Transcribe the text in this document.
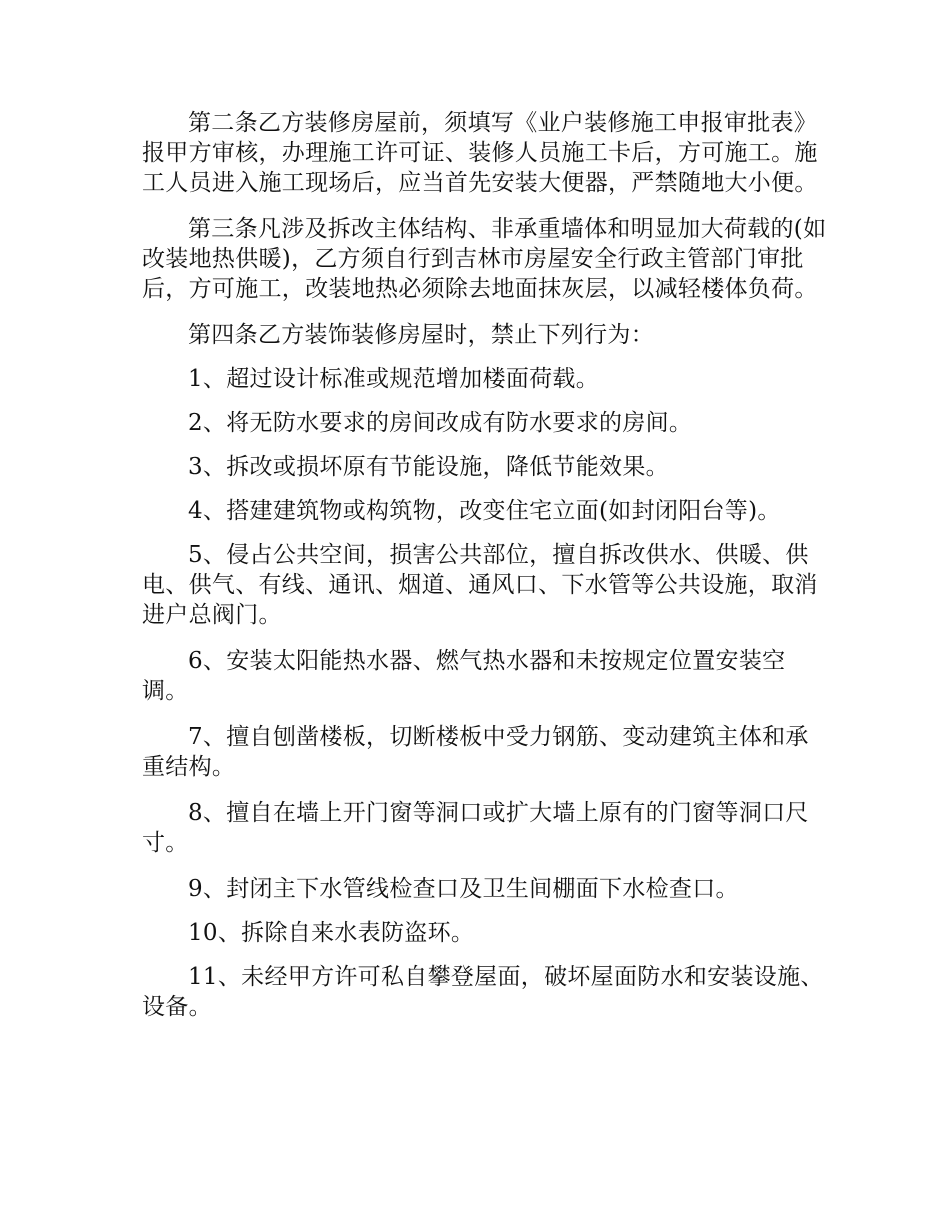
第二条乙方装修房屋前，须填写《业户装修施工申报审批表》报甲方审核，办理施工许可证、装修人员施工卡后，方可施工。施工人员进入施工现场后，应当首先安装大便器，严禁随地大小便。

第三条凡涉及拆改主体结构、非承重墙体和明显加大荷载的(如改装地热供暖)，乙方须自行到吉林市房屋安全行政主管部门审批后，方可施工，改装地热必须除去地面抹灰层，以减轻楼体负荷。

第四条乙方装饰装修房屋时，禁止下列行为：

1、超过设计标准或规范增加楼面荷载。

2、将无防水要求的房间改成有防水要求的房间。

3、拆改或损坏原有节能设施，降低节能效果。

4、搭建建筑物或构筑物，改变住宅立面(如封闭阳台等)。

5、侵占公共空间，损害公共部位，擅自拆改供水、供暖、供电、供气、有线、通讯、烟道、通风口、下水管等公共设施，取消进户总阀门。

6、安装太阳能热水器、燃气热水器和未按规定位置安装空调。

7、擅自刨凿楼板，切断楼板中受力钢筋、变动建筑主体和承重结构。

8、擅自在墙上开门窗等洞口或扩大墙上原有的门窗等洞口尺寸。

9、封闭主下水管线检查口及卫生间棚面下水检查口。

10、拆除自来水表防盗环。

11、未经甲方许可私自攀登屋面，破坏屋面防水和安装设施、设备。
